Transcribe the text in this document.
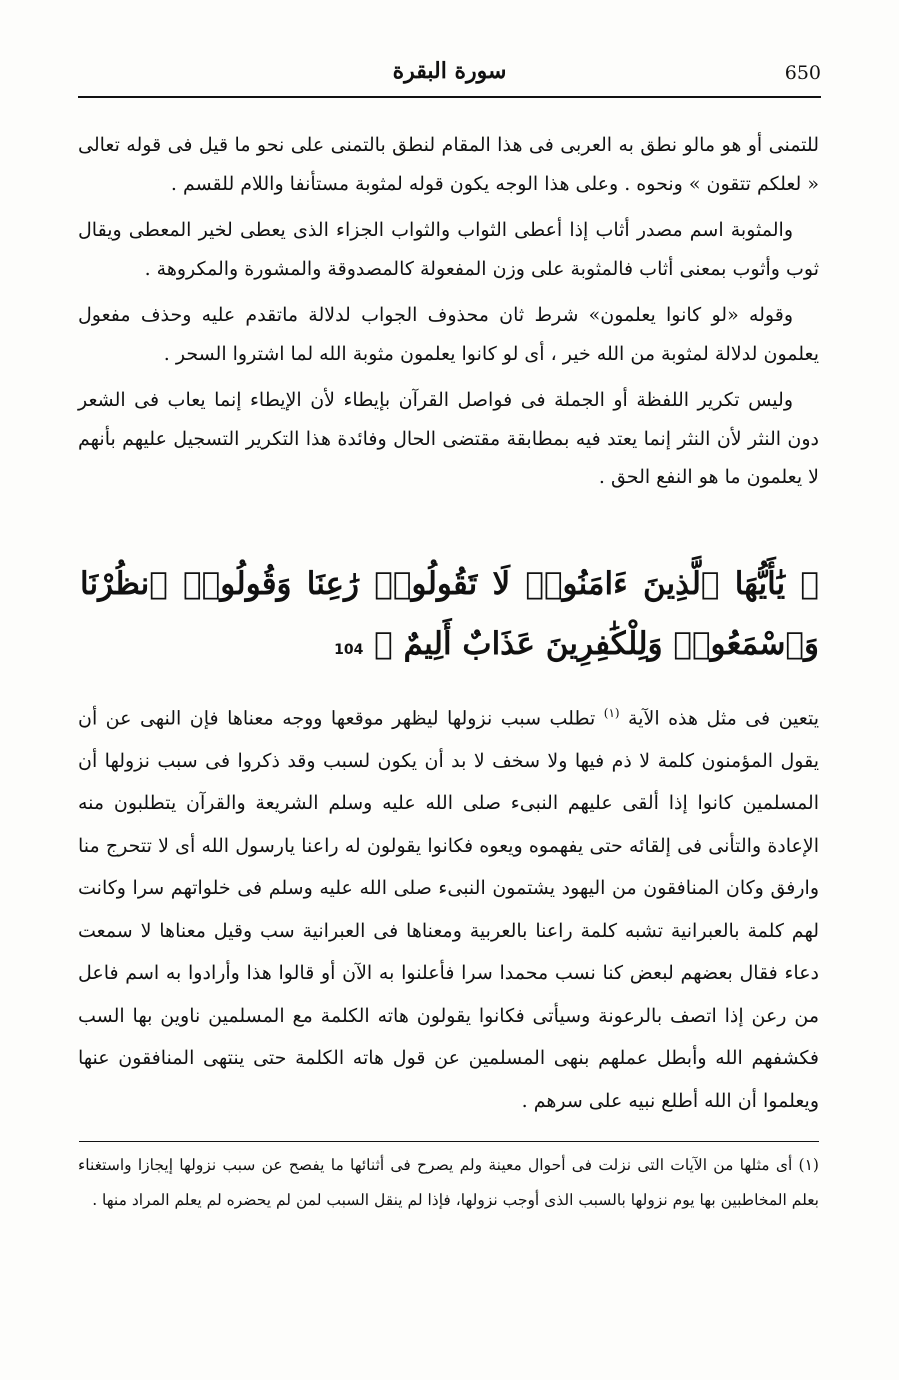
650
سورة البقرة

للتمنى أو هو مالو نطق به العربى فى هذا المقام لنطق بالتمنى على نحو ما قيل فى قوله تعالى « لعلكم تتقون » ونحوه . وعلى هذا الوجه يكون قوله لمثوبة مستأنفا واللام للقسم .

والمثوبة اسم مصدر أثاب إذا أعطى الثواب والثواب الجزاء الذى يعطى لخير المعطى ويقال ثوب وأثوب بمعنى أثاب فالمثوبة على وزن المفعولة كالمصدوقة والمشورة والمكروهة .

وقوله «لو كانوا يعلمون» شرط ثان محذوف الجواب لدلالة ماتقدم عليه وحذف مفعول يعلمون لدلالة لمثوبة من الله خير ، أى لو كانوا يعلمون مثوبة الله لما اشتروا السحر .

وليس تكرير اللفظة أو الجملة فى فواصل القرآن بإيطاء لأن الإيطاء إنما يعاب فى الشعر دون النثر لأن النثر إنما يعتد فيه بمطابقة مقتضى الحال وفائدة هذا التكرير التسجيل عليهم بأنهم لا يعلمون ما هو النفع الحق .

﴿ يَٰأَيُّهَا ٱلَّذِينَ ءَامَنُوا۟ لَا تَقُولُوا۟ رَٰعِنَا وَقُولُوا۟ ٱنظُرْنَا وَٱسْمَعُوا۟ وَلِلْكَٰفِرِينَ عَذَابٌ أَلِيمٌ ﴾ 104

يتعين فى مثل هذه الآية $^{(١)}$ تطلب سبب نزولها ليظهر موقعها ووجه معناها فإن النهى عن أن يقول المؤمنون كلمة لا ذم فيها ولا سخف لا بد أن يكون لسبب وقد ذكروا فى سبب نزولها أن المسلمين كانوا إذا ألقى عليهم النبىء صلى الله عليه وسلم الشريعة والقرآن يتطلبون منه الإعادة والتأنى فى إلقائه حتى يفهموه ويعوه فكانوا يقولون له راعنا يارسول الله أى لا تتحرج منا وارفق وكان المنافقون من اليهود يشتمون النبىء صلى الله عليه وسلم فى خلواتهم سرا وكانت لهم كلمة بالعبرانية تشبه كلمة راعنا بالعربية ومعناها فى العبرانية سب وقيل معناها لا سمعت دعاء فقال بعضهم لبعض كنا نسب محمدا سرا فأعلنوا به الآن أو قالوا هذا وأرادوا به اسم فاعل من رعن إذا اتصف بالرعونة وسيأتى فكانوا يقولون هاته الكلمة مع المسلمين ناوين بها السب فكشفهم الله وأبطل عملهم بنهى المسلمين عن قول هاته الكلمة حتى ينتهى المنافقون عنها ويعلموا أن الله أطلع نبيه على سرهم .

(١) أى مثلها من الآيات التى نزلت فى أحوال معينة ولم يصرح فى أثنائها ما يفصح عن سبب نزولها إيجازا واستغناء بعلم المخاطبين بها يوم نزولها بالسبب الذى أوجب نزولها، فإذا لم ينقل السبب لمن لم يحضره لم يعلم المراد منها .
